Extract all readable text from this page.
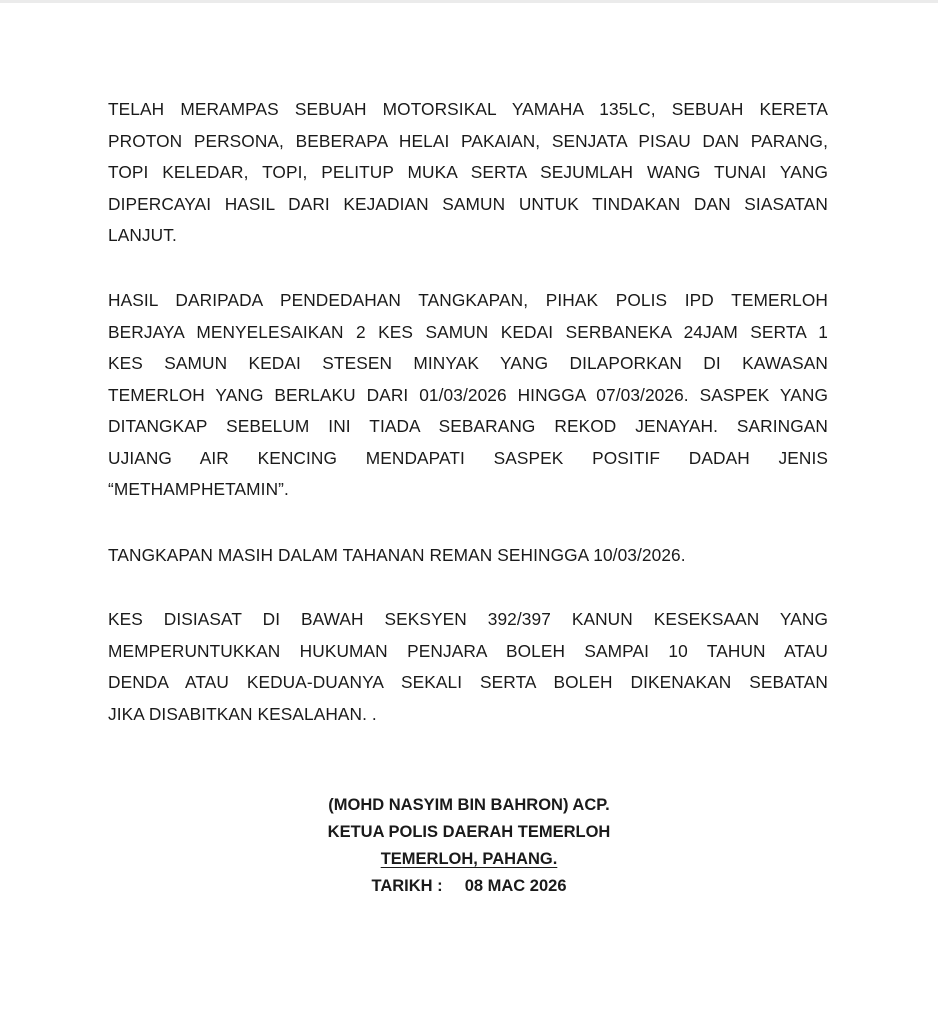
TELAH MERAMPAS SEBUAH MOTORSIKAL YAMAHA 135LC, SEBUAH KERETA
PROTON PERSONA, BEBERAPA HELAI PAKAIAN, SENJATA PISAU DAN PARANG,
TOPI KELEDAR, TOPI, PELITUP MUKA SERTA SEJUMLAH WANG TUNAI YANG
DIPERCAYAI HASIL DARI KEJADIAN SAMUN UNTUK TINDAKAN DAN SIASATAN
LANJUT.
HASIL DARIPADA PENDEDAHAN TANGKAPAN, PIHAK POLIS IPD TEMERLOH
BERJAYA MENYELESAIKAN 2 KES SAMUN KEDAI SERBANEKA 24JAM SERTA 1
KES SAMUN KEDAI STESEN MINYAK YANG DILAPORKAN DI KAWASAN
TEMERLOH YANG BERLAKU DARI 01/03/2026 HINGGA 07/03/2026. SASPEK YANG
DITANGKAP SEBELUM INI TIADA SEBARANG REKOD JENAYAH. SARINGAN
UJIANG AIR KENCING MENDAPATI SASPEK POSITIF DADAH JENIS
“METHAMPHETAMIN”.
TANGKAPAN MASIH DALAM TAHANAN REMAN SEHINGGA 10/03/2026.
KES DISIASAT DI BAWAH SEKSYEN 392/397 KANUN KESEKSAAN YANG
MEMPERUNTUKKAN HUKUMAN PENJARA BOLEH SAMPAI 10 TAHUN ATAU
DENDA ATAU KEDUA-DUANYA SEKALI SERTA BOLEH DIKENAKAN SEBATAN
JIKA DISABITKAN KESALAHAN. .
(MOHD NASYIM BIN BAHRON) ACP.
KETUA POLIS DAERAH TEMERLOH
TEMERLOH, PAHANG.
TARIKH : 08 MAC 2026
